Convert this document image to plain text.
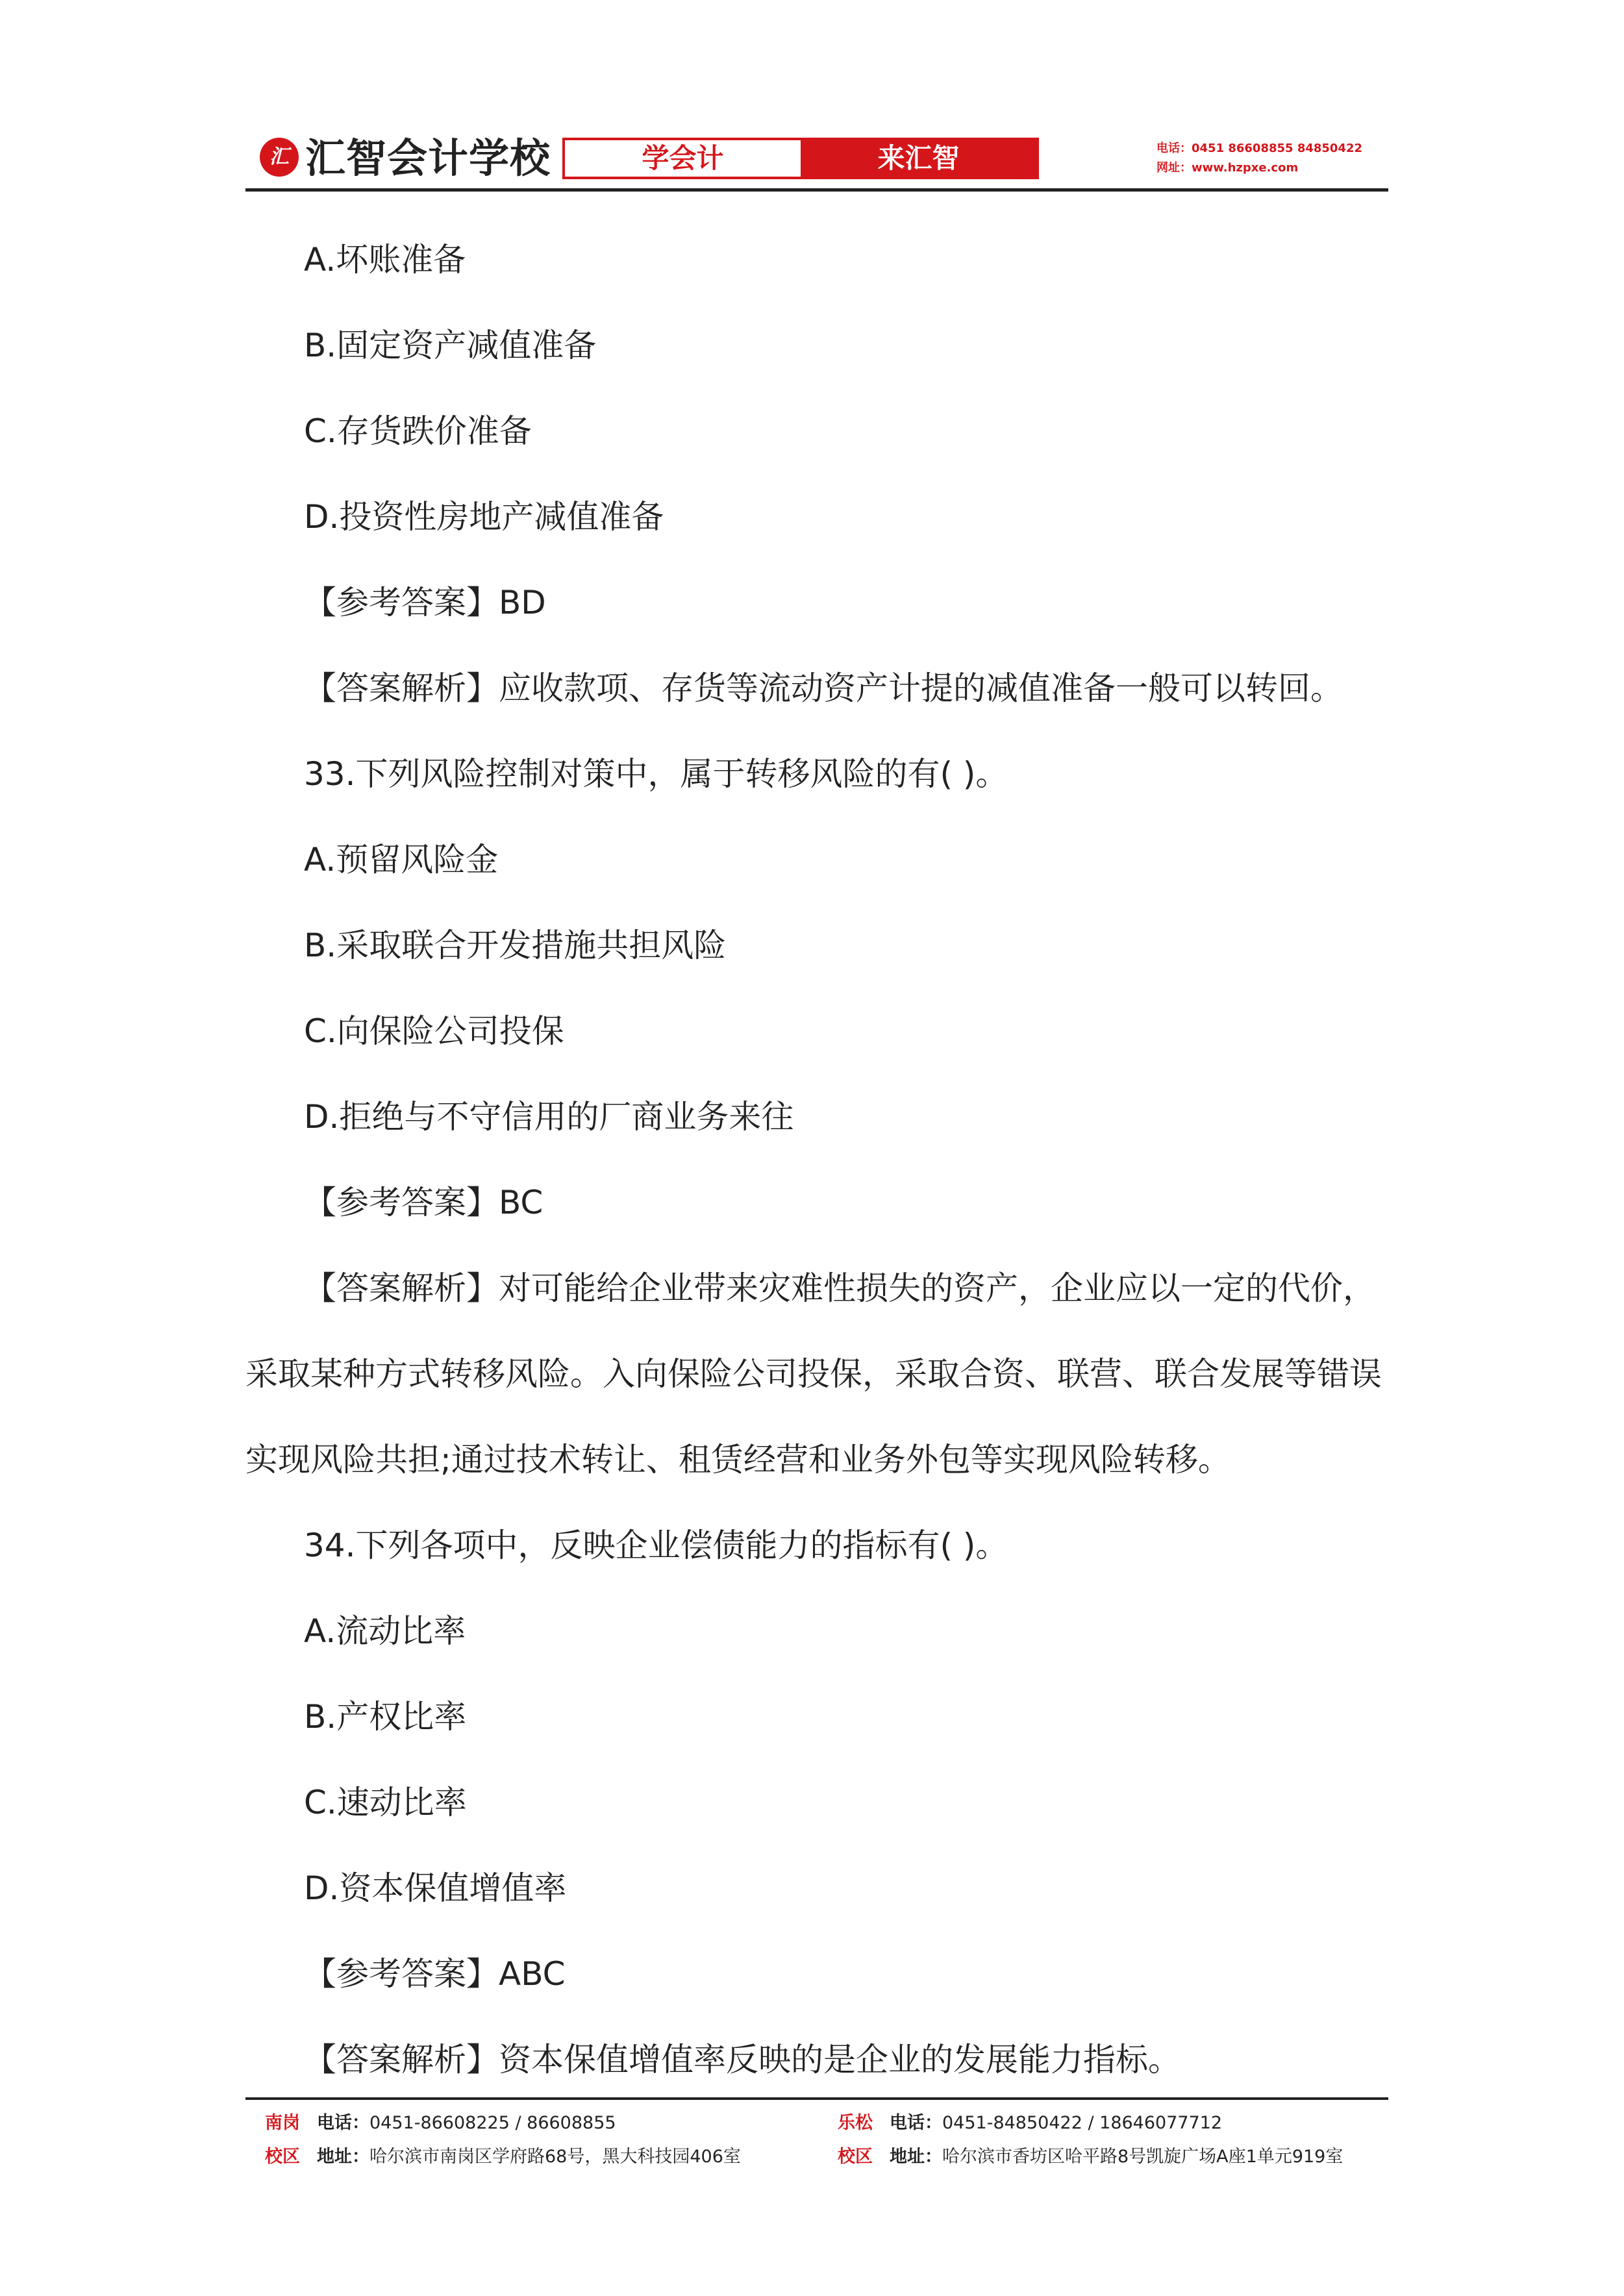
汇 汇智会计学校	学会计	来汇智	电话：0451 86608855 84850422
网址：www.hzpxe.com
A.坏账准备
B.固定资产减值准备
C.存货跌价准备
D.投资性房地产减值准备
【参考答案】BD
【答案解析】应收款项、存货等流动资产计提的减值准备一般可以转回。
33.下列风险控制对策中，属于转移风险的有( )。
A.预留风险金
B.采取联合开发措施共担风险
C.向保险公司投保
D.拒绝与不守信用的厂商业务来往
【参考答案】BC
【答案解析】对可能给企业带来灾难性损失的资产，企业应以一定的代价，
采取某种方式转移风险。入向保险公司投保，采取合资、联营、联合发展等错误
实现风险共担;通过技术转让、租赁经营和业务外包等实现风险转移。
34.下列各项中，反映企业偿债能力的指标有( )。
A.流动比率
B.产权比率
C.速动比率
D.资本保值增值率
【参考答案】ABC
【答案解析】资本保值增值率反映的是企业的发展能力指标。
南岗 电话：0451-86608225 / 86608855
校区 地址：哈尔滨市南岗区学府路68号，黑大科技园406室
乐松 电话：0451-84850422 / 18646077712
校区 地址：哈尔滨市香坊区哈平路8号凯旋广场A座1单元919室
